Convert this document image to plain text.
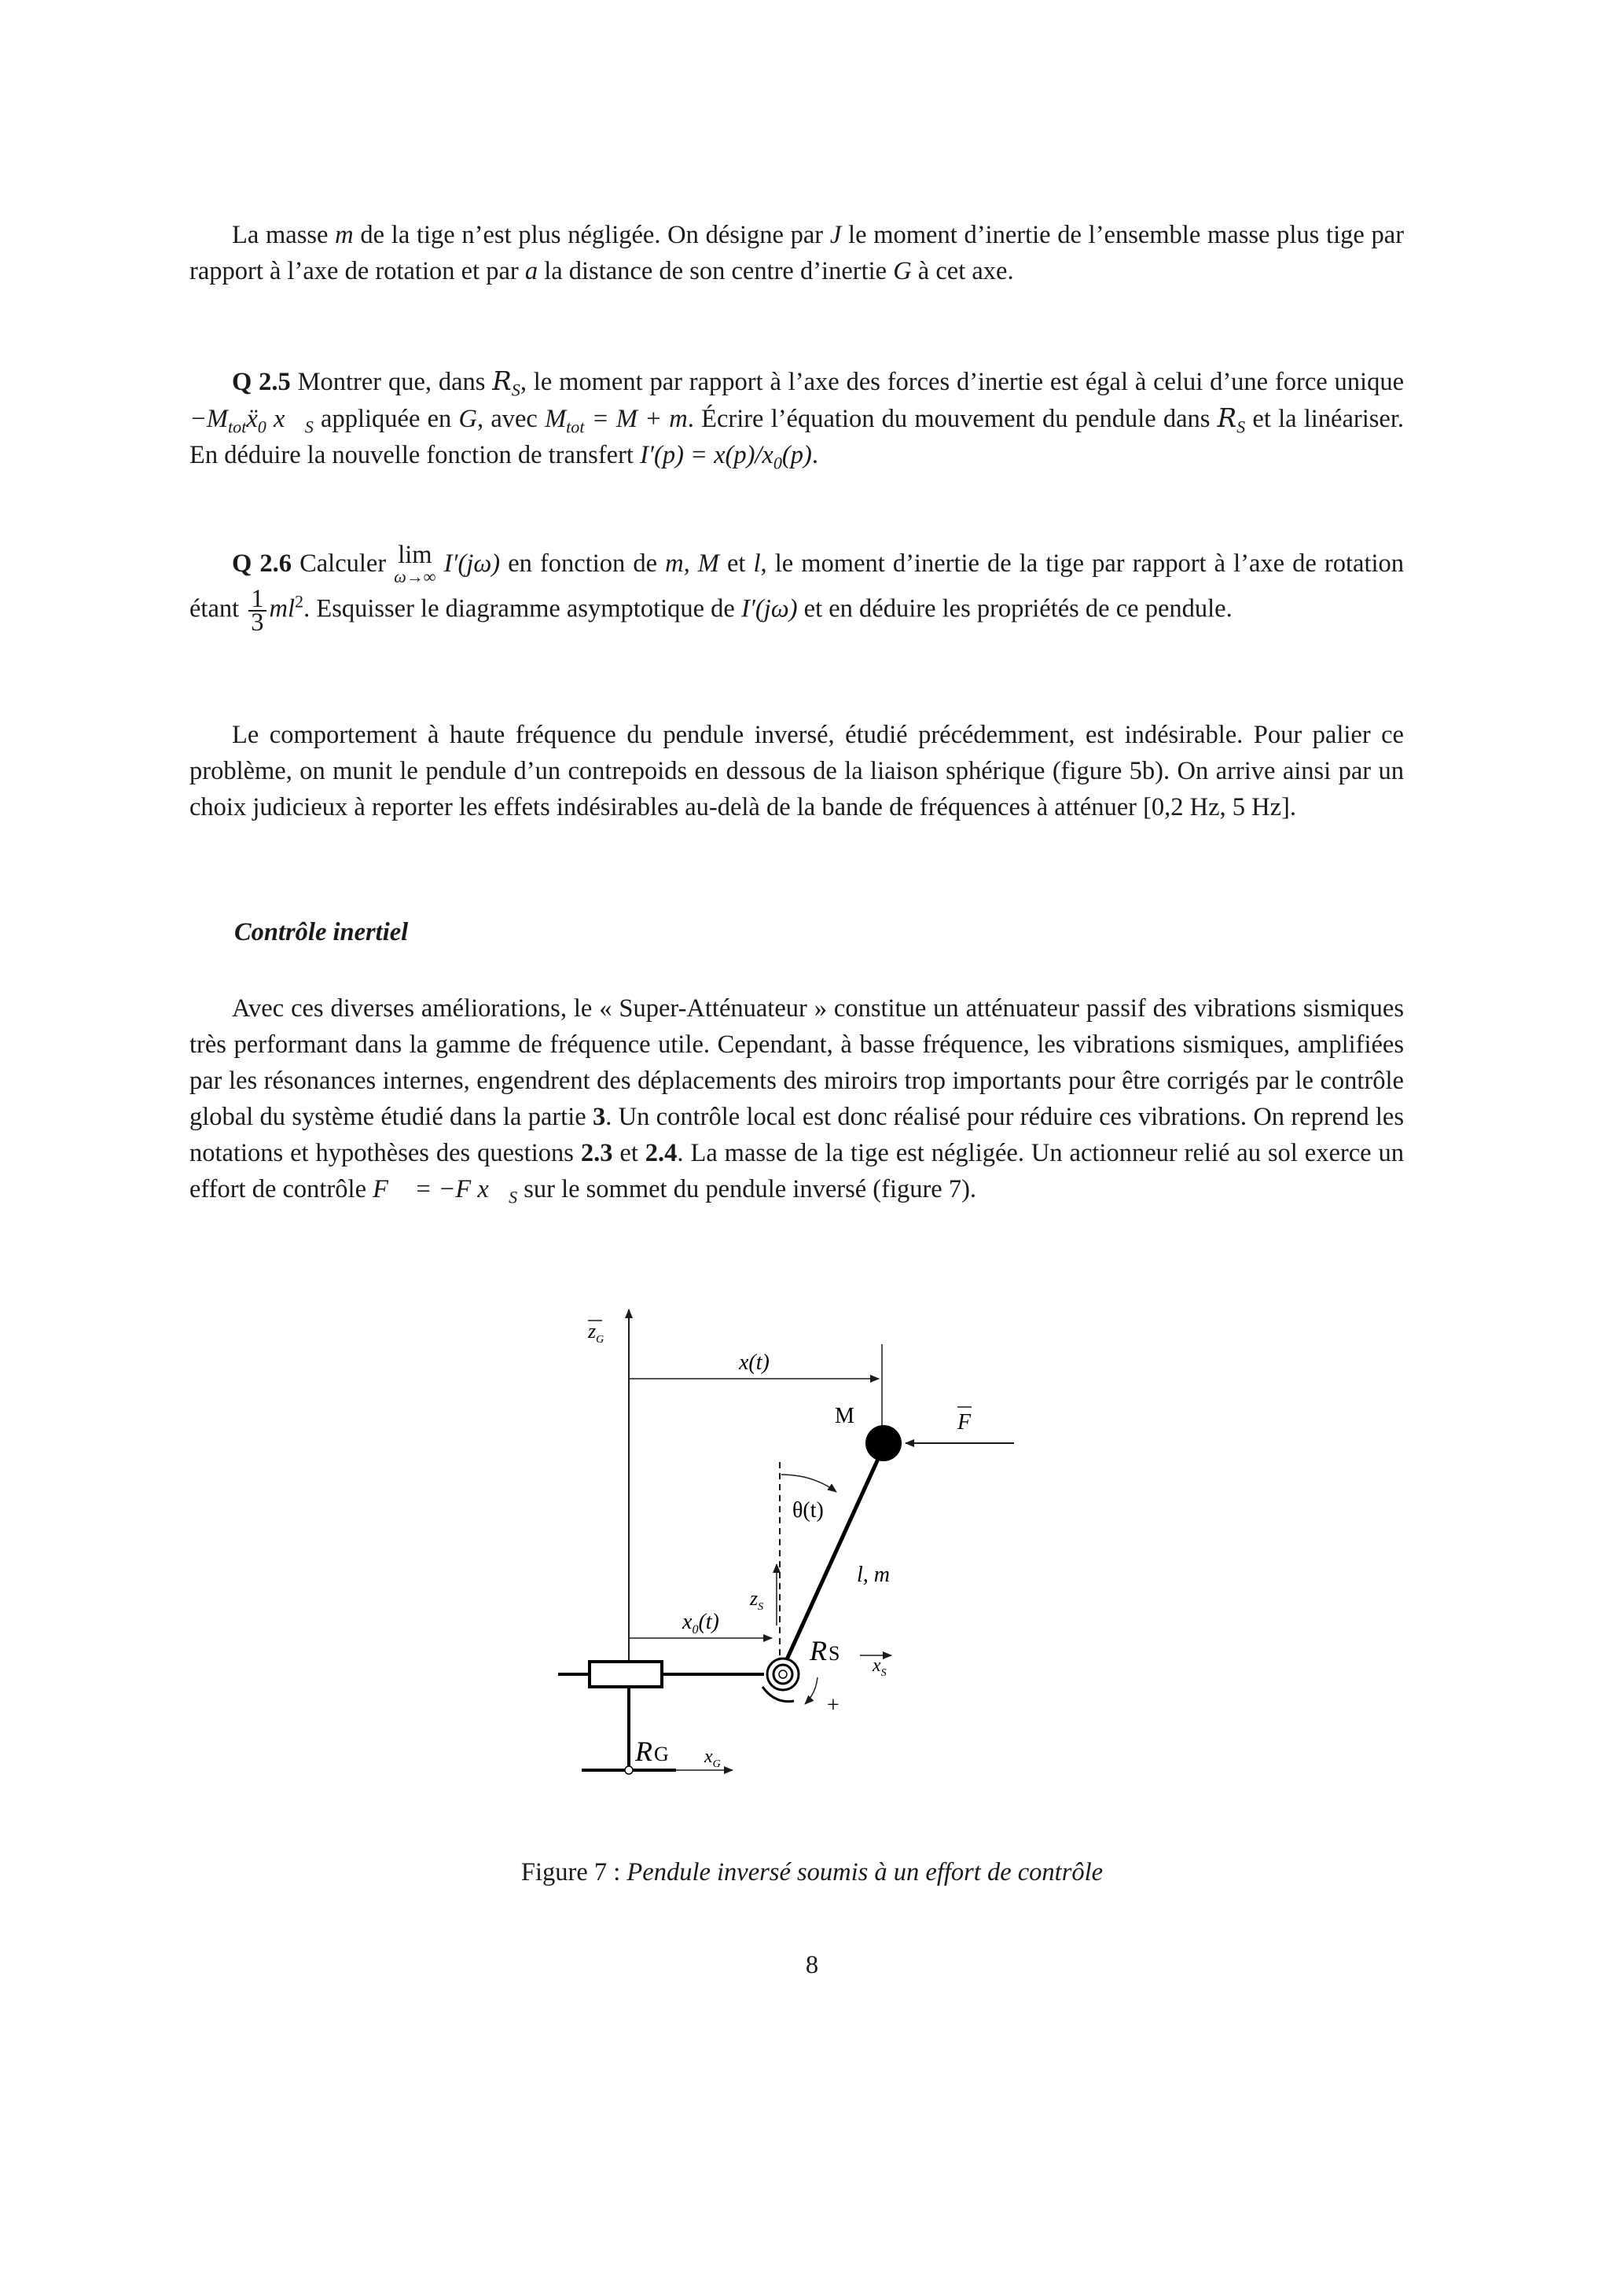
La masse m de la tige n’est plus négligée. On désigne par J le moment d’inertie de l’ensemble masse plus tige par rapport à l’axe de rotation et par a la distance de son centre d’inertie G à cet axe.

Q 2.5 Montrer que, dans $R_S$, le moment par rapport à l’axe des forces d’inertie est égal à celui d’une force unique $-M_{tot}ẍ_0$ $x⃗_S$ appliquée en G, avec $M_{tot} = M + m$. Écrire l’équation du mouvement du pendule dans $R_S$ et la linéariser. En déduire la nouvelle fonction de transfert $I'(p) = x(p)/x_0(p)$.

Q 2.6 Calculer lim
ω→∞ I′(jω) en fonction de m, M et l, le moment d’inertie de la tige par rapport à l’axe de rotation étant $\frac{1}{3} ml^2$. Esquisser le diagramme asymptotique de I′(jω) et en déduire les propriétés de ce pendule.

Le comportement à haute fréquence du pendule inversé, étudié précédemment, est indésirable. Pour palier ce problème, on munit le pendule d’un contrepoids en dessous de la liaison sphérique (figure 5b). On arrive ainsi par un choix judicieux à reporter les effets indésirables au-delà de la bande de fréquences à atténuer [0,2 Hz, 5 Hz].

Contrôle inertiel

Avec ces diverses améliorations, le « Super-Atténuateur » constitue un atténuateur passif des vibrations sismiques très performant dans la gamme de fréquence utile. Cependant, à basse fréquence, les vibrations sismiques, amplifiées par les résonances internes, engendrent des déplacements des miroirs trop importants pour être corrigés par le contrôle global du système étudié dans la partie 3. Un contrôle local est donc réalisé pour réduire ces vibrations. On reprend les notations et hypothèses des questions 2.3 et 2.4. La masse de la tige est négligée. Un actionneur relié au sol exerce un effort de contrôle F⃗ = −F $x⃗_S$ sur le sommet du pendule inversé (figure 7).

$z_G$
x(t)
M	F
θ(t)
l, m
$z_S$
$x_0(t)$
+
RS
$x_S$
RG $x_G$
Figure 7 : Pendule inversé soumis à un effort de contrôle
8
